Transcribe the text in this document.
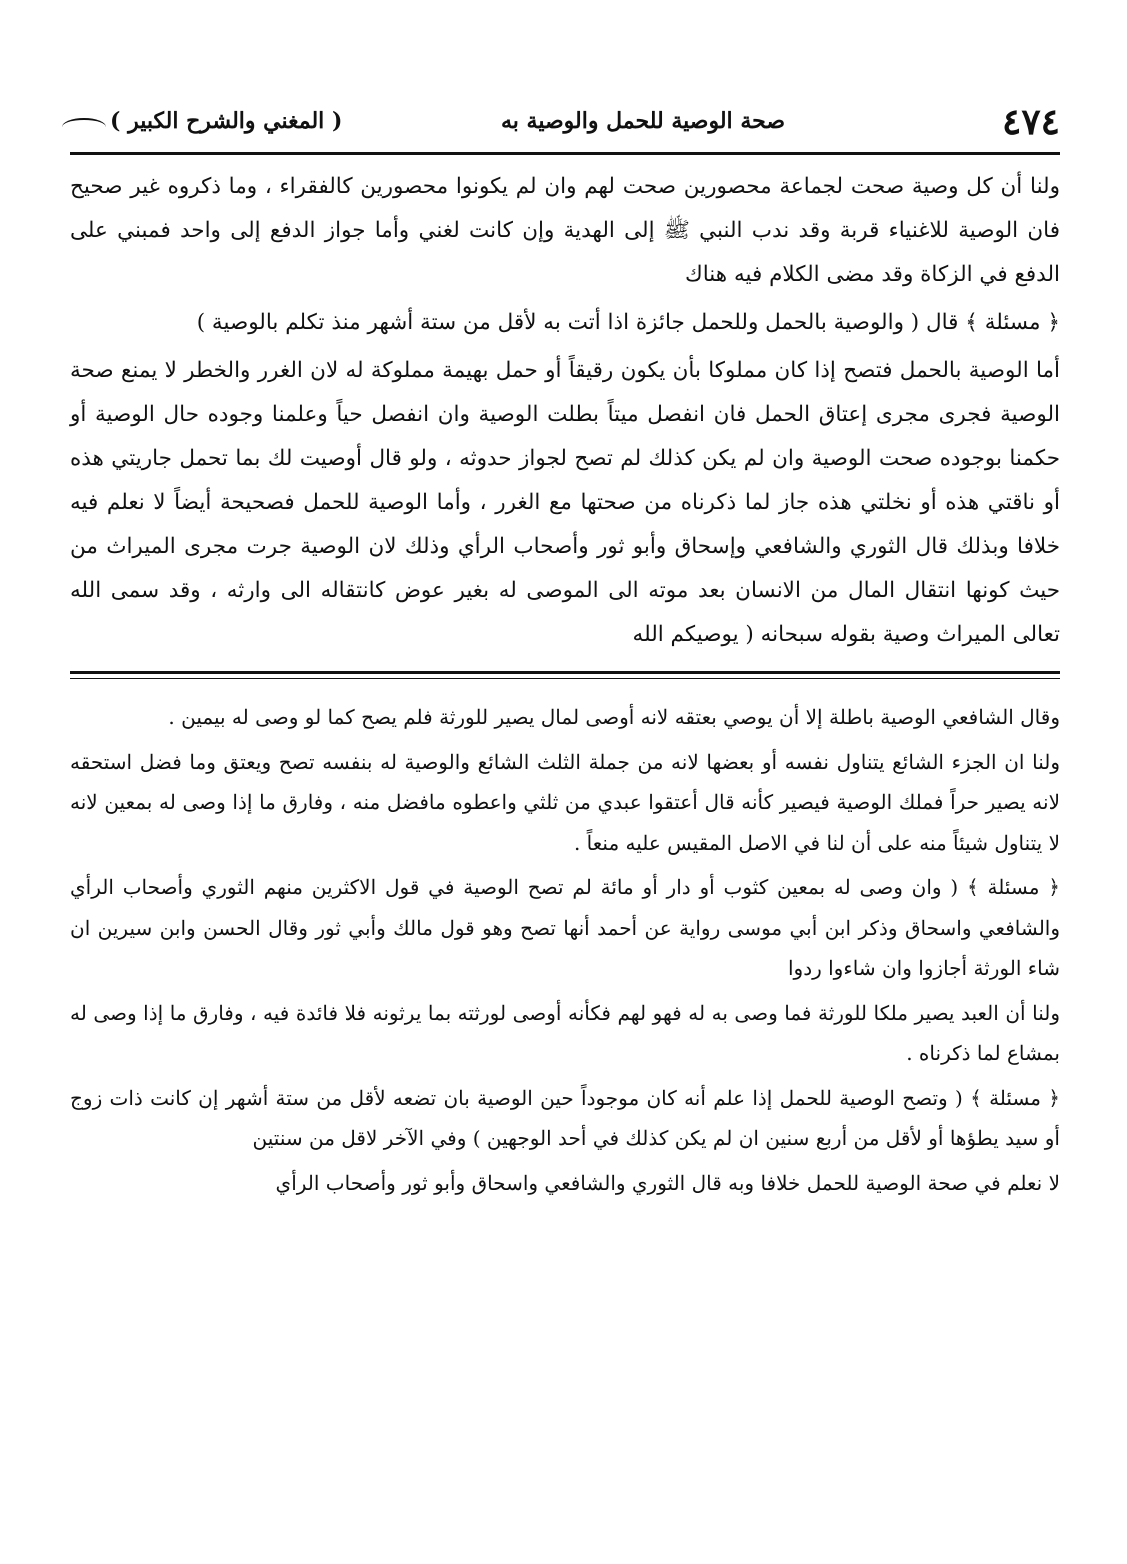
٤٧٤
صحة الوصية للحمل والوصية به
( المغني والشرح الكبير )

ولنا أن كل وصية صحت لجماعة محصورين صحت لهم وان لم يكونوا محصورين كالفقراء ، وما ذكروه غير صحيح فان الوصية للاغنياء قربة وقد ندب النبي ﷺ إلى الهدية وإن كانت لغني وأما جواز الدفع إلى واحد فمبني على الدفع في الزكاة وقد مضى الكلام فيه هناك

﴿ مسئلة ﴾ قال ( والوصية بالحمل وللحمل جائزة اذا أتت به لأقل من ستة أشهر منذ تكلم بالوصية )

أما الوصية بالحمل فتصح إذا كان مملوكا بأن يكون رقيقاً أو حمل بهيمة مملوكة له لان الغرر والخطر لا يمنع صحة الوصية فجرى مجرى إعتاق الحمل فان انفصل ميتاً بطلت الوصية وان انفصل حياً وعلمنا وجوده حال الوصية أو حكمنا بوجوده صحت الوصية وان لم يكن كذلك لم تصح لجواز حدوثه ، ولو قال أوصيت لك بما تحمل جاريتي هذه أو ناقتي هذه أو نخلتي هذه جاز لما ذكرناه من صحتها مع الغرر ، وأما الوصية للحمل فصحيحة أيضاً لا نعلم فيه خلافا وبذلك قال الثوري والشافعي وإسحاق وأبو ثور وأصحاب الرأي وذلك لان الوصية جرت مجرى الميراث من حيث كونها انتقال المال من الانسان بعد موته الى الموصى له بغير عوض كانتقاله الى وارثه ، وقد سمى الله تعالى الميراث وصية بقوله سبحانه ( يوصيكم الله

وقال الشافعي الوصية باطلة إلا أن يوصي بعتقه لانه أوصى لمال يصير للورثة فلم يصح كما لو وصى له بيمين .

ولنا ان الجزء الشائع يتناول نفسه أو بعضها لانه من جملة الثلث الشائع والوصية له بنفسه تصح ويعتق وما فضل استحقه لانه يصير حراً فملك الوصية فيصير كأنه قال أعتقوا عبدي من ثلثي واعطوه مافضل منه ، وفارق ما إذا وصى له بمعين لانه لا يتناول شيئاً منه على أن لنا في الاصل المقيس عليه منعاً .

﴿ مسئلة ﴾ ( وان وصى له بمعين كثوب أو دار أو مائة لم تصح الوصية في قول الاكثرين منهم الثوري وأصحاب الرأي والشافعي واسحاق وذكر ابن أبي موسى رواية عن أحمد أنها تصح وهو قول مالك وأبي ثور وقال الحسن وابن سيرين ان شاء الورثة أجازوا وان شاءوا ردوا

ولنا أن العبد يصير ملكا للورثة فما وصى به له فهو لهم فكأنه أوصى لورثته بما يرثونه فلا فائدة فيه ، وفارق ما إذا وصى له بمشاع لما ذكرناه .

﴿ مسئلة ﴾ ( وتصح الوصية للحمل إذا علم أنه كان موجوداً حين الوصية بان تضعه لأقل من ستة أشهر إن كانت ذات زوج أو سيد يطؤها أو لأقل من أربع سنين ان لم يكن كذلك في أحد الوجهين ) وفي الآخر لاقل من سنتين

لا نعلم في صحة الوصية للحمل خلافا وبه قال الثوري والشافعي واسحاق وأبو ثور وأصحاب الرأي
